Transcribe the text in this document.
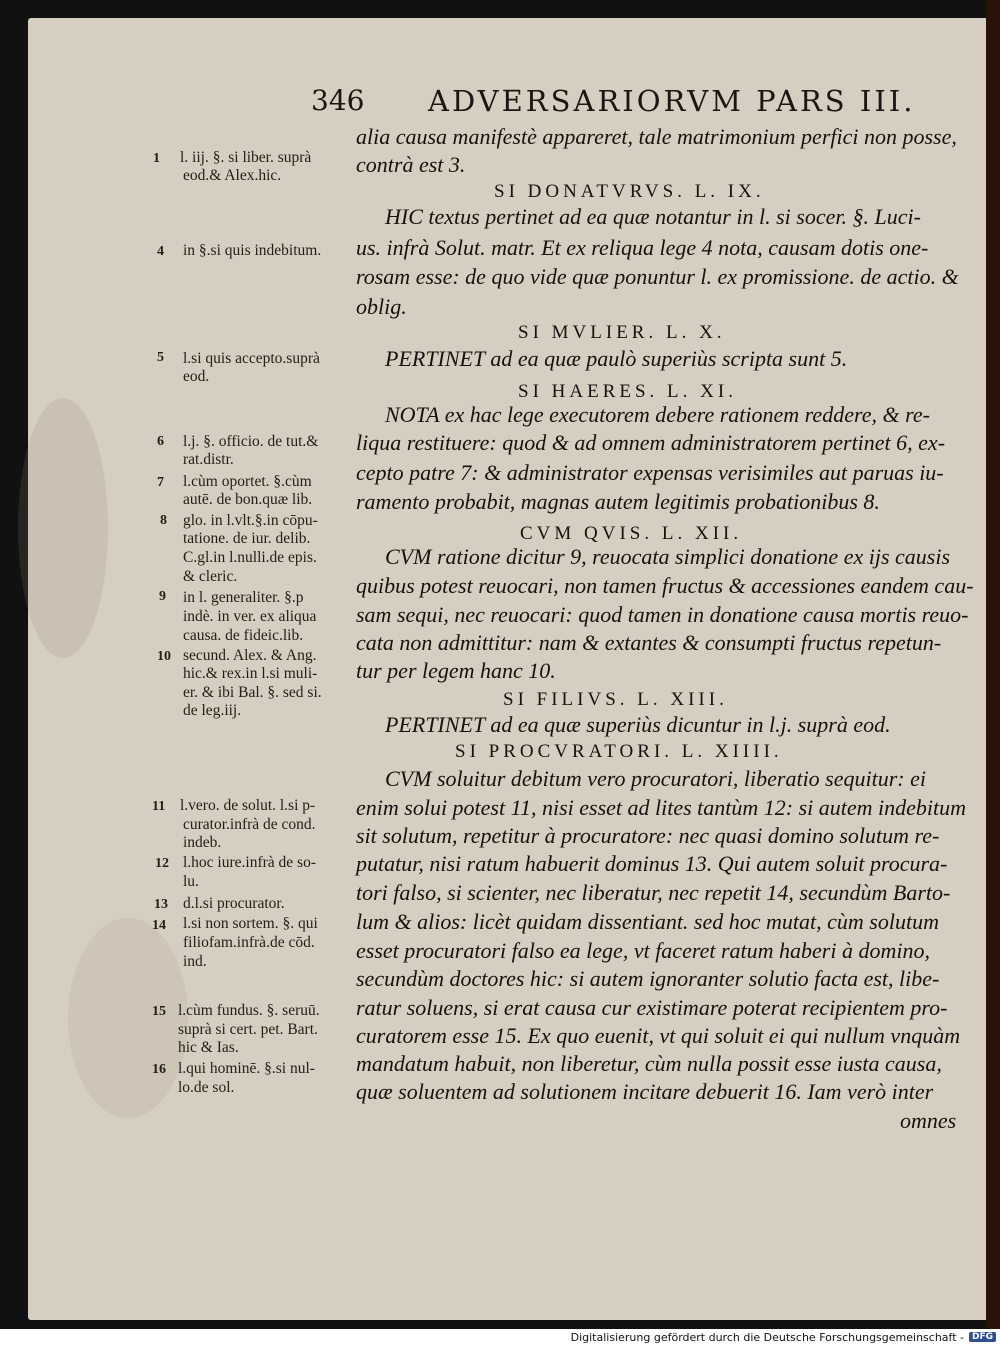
346 ADVERSARIORVM PARS III.
1
4
5
6
7
8
9
10
11
12
13
14
15
16
l. iij. §. si liber. suprà
eod.& Alex.hic.
in §.si quis indebitum.
l.si quis accepto.suprà
eod.
l.j. §. officio. de tut.&
rat.distr.
l.cùm oportet. §.cùm
autē. de bon.quæ lib.
glo. in l.vlt.§.in cōpu-
tatione. de iur. delib.
C.gl.in l.nulli.de epis.
& cleric.
in l. generaliter. §.p
indè. in ver. ex aliqua
causa. de fideic.lib.
secund. Alex. & Ang.
hic.& rex.in l.si muli-
er. & ibi Bal. §. sed si.
de leg.iij.
l.vero. de solut. l.si p-
curator.infrà de cond.
indeb.
l.hoc iure.infrà de so-
lu.
d.l.si procurator.
l.si non sortem. §. qui
filiofam.infrà.de cōd.
ind.
l.cùm fundus. §. seruū.
suprà si cert. pet. Bart.
hic & Ias.
l.qui hominē. §.si nul-
lo.de sol.
SI DONATVRVS. L. IX.
SI MVLIER. L. X.
SI HAERES. L. XI.
CVM QVIS. L. XII.
SI FILIVS. L. XIII.
SI PROCVRATORI. L. XIIII.
alia causa manifestè appareret, tale matrimonium perfici non posse,
contrà est 3.
HIC textus pertinet ad ea quæ notantur in l. si socer. §. Luci-
us. infrà Solut. matr. Et ex reliqua lege 4 nota, causam dotis one-
rosam esse: de quo vide quæ ponuntur l. ex promissione. de actio. &
oblig.
PERTINET ad ea quæ paulò superiùs scripta sunt 5.
NOTA ex hac lege executorem debere rationem reddere, & re-
liqua restituere: quod & ad omnem administratorem pertinet 6, ex-
cepto patre 7: & administrator expensas verisimiles aut paruas iu-
ramento probabit, magnas autem legitimis probationibus 8.
CVM ratione dicitur 9, reuocata simplici donatione ex ijs causis
quibus potest reuocari, non tamen fructus & accessiones eandem cau-
sam sequi, nec reuocari: quod tamen in donatione causa mortis reuo-
cata non admittitur: nam & extantes & consumpti fructus repetun-
tur per legem hanc 10.
PERTINET ad ea quæ superiùs dicuntur in l.j. suprà eod.
CVM soluitur debitum vero procuratori, liberatio sequitur: ei
enim solui potest 11, nisi esset ad lites tantùm 12: si autem indebitum
sit solutum, repetitur à procuratore: nec quasi domino solutum re-
putatur, nisi ratum habuerit dominus 13. Qui autem soluit procura-
tori falso, si scienter, nec liberatur, nec repetit 14, secundùm Barto-
lum & alios: licèt quidam dissentiant. sed hoc mutat, cùm solutum
esset procuratori falso ea lege, vt faceret ratum haberi à domino,
secundùm doctores hic: si autem ignoranter solutio facta est, libe-
ratur soluens, si erat causa cur existimare poterat recipientem pro-
curatorem esse 15. Ex quo euenit, vt qui soluit ei qui nullum vnquàm
mandatum habuit, non liberetur, cùm nulla possit esse iusta causa,
quæ soluentem ad solutionem incitare debuerit 16. Iam verò inter
omnes
Digitalisierung gefördert durch die Deutsche Forschungsgemeinschaft - DFG
